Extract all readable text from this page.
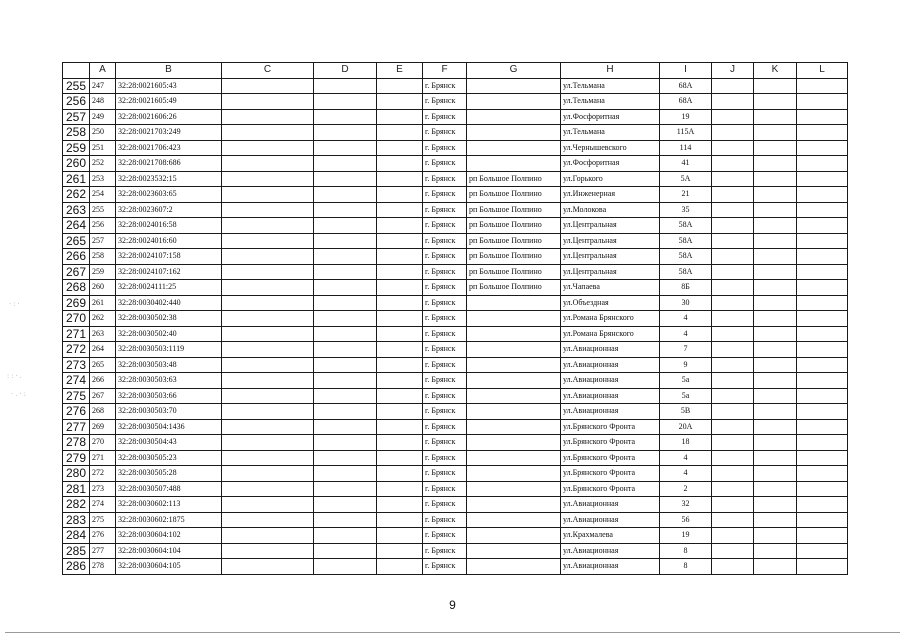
	A	B	C	D	E	F	G	H	I	J	K	L
255	247	32:28:0021605:43				г. Брянск		ул.Тельмана	68А			
256	248	32:28:0021605:49				г. Брянск		ул.Тельмана	68А			
257	249	32:28:0021606:26				г. Брянск		ул.Фосфоритная	19			
258	250	32:28:0021703:249				г. Брянск		ул.Тельмана	115А			
259	251	32:28:0021706:423				г. Брянск		ул.Чернышевского	114			
260	252	32:28:0021708:686				г. Брянск		ул.Фосфоритная	41			
261	253	32:28:0023532:15				г. Брянск	рп Большое Полпино	ул.Горького	5А			
262	254	32:28:0023603:65				г. Брянск	рп Большое Полпино	ул.Инженерная	21			
263	255	32:28:0023607:2				г. Брянск	рп Большое Полпино	ул.Молокова	35			
264	256	32:28:0024016:58				г. Брянск	рп Большое Полпино	ул.Центральная	58А			
265	257	32:28:0024016:60				г. Брянск	рп Большое Полпино	ул.Центральная	58А			
266	258	32:28:0024107:158				г. Брянск	рп Большое Полпино	ул.Центральная	58А			
267	259	32:28:0024107:162				г. Брянск	рп Большое Полпино	ул.Центральная	58А			
268	260	32:28:0024111:25				г. Брянск	рп Большое Полпино	ул.Чапаева	8Б			
269	261	32:28:0030402:440				г. Брянск		ул.Объездная	30			
270	262	32:28:0030502:38				г. Брянск		ул.Романа Брянского	4			
271	263	32:28:0030502:40				г. Брянск		ул.Романа Брянского	4			
272	264	32:28:0030503:1119				г. Брянск		ул.Авиационная	7			
273	265	32:28:0030503:48				г. Брянск		ул.Авиационная	9			
274	266	32:28:0030503:63				г. Брянск		ул.Авиационная	5а			
275	267	32:28:0030503:66				г. Брянск		ул.Авиационная	5а			
276	268	32:28:0030503:70				г. Брянск		ул.Авиационная	5В			
277	269	32:28:0030504:1436				г. Брянск		ул.Брянского Фронта	20А			
278	270	32:28:0030504:43				г. Брянск		ул.Брянского Фронта	18			
279	271	32:28:0030505:23				г. Брянск		ул.Брянского Фронта	4			
280	272	32:28:0030505:28				г. Брянск		ул.Брянского Фронта	4			
281	273	32:28:0030507:488				г. Брянск		ул.Брянского Фронта	2			
282	274	32:28:0030602:113				г. Брянск		ул.Авиационная	32			
283	275	32:28:0030602:1875				г. Брянск		ул.Авиационная	56			
284	276	32:28:0030604:102				г. Брянск		ул.Крахмалева	19			
285	277	32:28:0030604:104				г. Брянск		ул.Авиационная	8			
286	278	32:28:0030604:105				г. Брянск		ул.Авиационная	8			
9
·:·
::·.
·.·:
